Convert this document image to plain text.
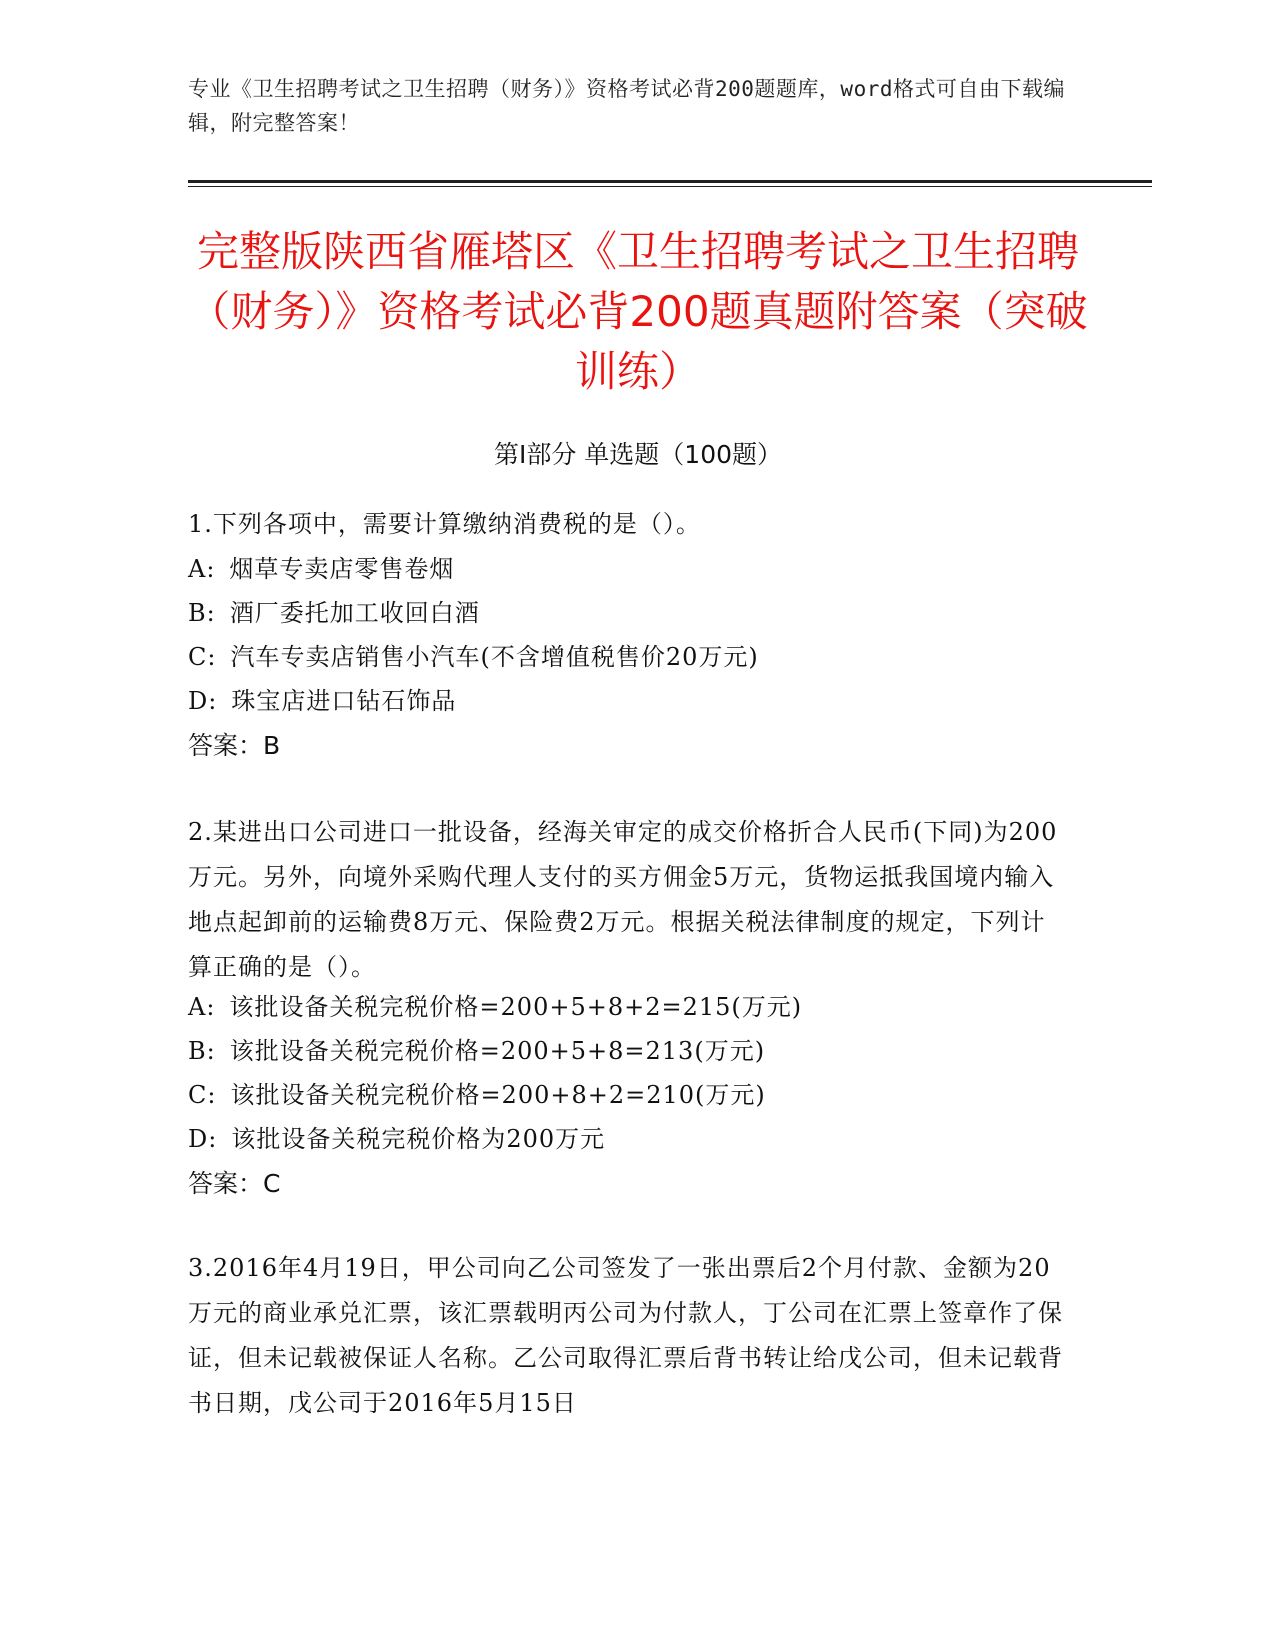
专业《卫生招聘考试之卫生招聘（财务）》资格考试必背200题题库，word格式可自由下载编辑，附完整答案！
完整版陕西省雁塔区《卫生招聘考试之卫生招聘（财务）》资格考试必背200题真题附答案（突破训练）
第Ⅰ部分 单选题（100题）
1.下列各项中，需要计算缴纳消费税的是（）。
A: 烟草专卖店零售卷烟
B: 酒厂委托加工收回白酒
C: 汽车专卖店销售小汽车(不含增值税售价20万元)
D: 珠宝店进口钻石饰品
答案：B
2.某进出口公司进口一批设备，经海关审定的成交价格折合人民币(下同)为200万元。另外，向境外采购代理人支付的买方佣金5万元，货物运抵我国境内输入地点起卸前的运输费8万元、保险费2万元。根据关税法律制度的规定，下列计算正确的是（）。
A: 该批设备关税完税价格=200+5+8+2=215(万元)
B: 该批设备关税完税价格=200+5+8=213(万元)
C: 该批设备关税完税价格=200+8+2=210(万元)
D: 该批设备关税完税价格为200万元
答案：C
3.2016年4月19日，甲公司向乙公司签发了一张出票后2个月付款、金额为20万元的商业承兑汇票，该汇票载明丙公司为付款人，丁公司在汇票上签章作了保证，但未记载被保证人名称。乙公司取得汇票后背书转让给戊公司，但未记载背书日期，戊公司于2016年5月15日
